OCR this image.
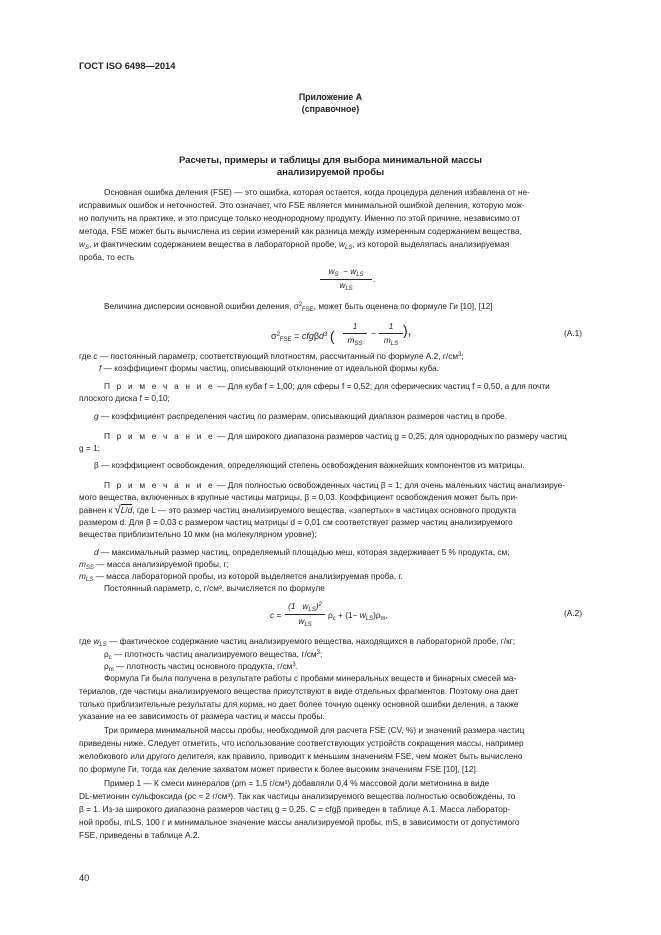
ГОСТ ISO 6498—2014
Приложение А
(справочное)
Расчеты, примеры и таблицы для выбора минимальной массы
анализируемой пробы
Основная ошибка деления (FSE) — это ошибка, которая остается, когда процедура деления избавлена от не-
исправимых ошибок и неточностей. Это означает, что FSE является минимальной ошибкой деления, которую мож-
но получить на практике, и это присуще только неоднородному продукту. Именно по этой причине, независимо от
метода, FSE может быть вычислена из серии измерений как разница между измеренным содержанием вещества,
$w_S$, и фактическим содержанием вещества в лабораторной пробе, $w_{LS}$, из которой выделялась анализируемая
проба, то есть
$w_S - w_{LS}$
$w_{LS}$
.
Величина дисперсии основной ошибки деления, $\sigma^2_{FSE}$, может быть оценена по формуле Ги [10], [12]
$\sigma^2_{FSE} = cfg\beta d^3$ (
1
$m_{SS}$
−
1
$m_{LS}$
),	(A.1)
где c — постоянный параметр, соответствующий плотностям, рассчитанный по формуле А.2, $г/см^3$;
f — коэффициент формы частиц, описывающий отклонение от идеальной формы куба.
П р и м е ч а н и е — Для куба f = 1,00; для сферы f = 0,52; для сферических частиц f = 0,50, а для почти
плоского диска f = 0,10;
g — коэффициент распределения частиц по размерам, описывающий диапазон размеров частиц в пробе.
П р и м е ч а н и е — Для широкого диапазона размеров частиц g = 0,25; для однородных по размеру частиц
g = 1;
β — коэффициент освобождения, определяющий степень освобождения важнейших компонентов из матрицы.
П р и м е ч а н и е — Для полностью освобожденных частиц β = 1; для очень маленьких частиц анализируе-
мого вещества, включенных в крупные частицы матрицы, β = 0,03. Коэффициент освобождения может быть при-
равнен к √L/d, где L — это размер частиц анализируемого вещества, «запертых» в частицах основного продукта
размером d. Для β = 0,03 с размером частиц матрицы d = 0,01 см соответствует размер частиц анализируемого
вещества приблизительно 10 мкм (на молекулярном уровне);
d — максимальный размер частиц, определяемый площадью меш, которая задерживает 5 % продукта, см;
$m_{SS}$ — масса анализируемой пробы, г;
$m_{LS}$ — масса лабораторной пробы, из которой выделяется анализируемая проба, г.
Постоянный параметр, c, г/см³, вычисляется по формуле
c =
(1   $w_{LS})^2$
$w_{LS}$
$\rho_c + (1- w_{LS})\rho_m$,	(A.2)
где $w_{LS}$ — фактическое содержание частиц анализируемого вещества, находящихся в лабораторной пробе, г/кг;
$\rho_c$ — плотность частиц анализируемого вещества, $г/см^3$;
$\rho_m$ — плотность частиц основного продукта, $г/см^3$.
Формула Ги была получена в результате работы с пробами минеральных веществ и бинарных смесей ма-
териалов, где частицы анализируемого вещества присутствуют в виде отдельных фрагментов. Поэтому она дает
только приблизительные результаты для корма, но дает более точную оценку основной ошибки деления, а также
указание на ее зависимость от размера частиц и массы пробы.
Три примера минимальной массы пробы, необходимой для расчета FSE (CV, %) и значений размера частиц
приведены ниже. Следует отметить, что использование соответствующих устройств сокращения массы, например
желобкового или другого делителя, как правило, приводит к меньшим значениям FSE, чем может быть вычислено
по формуле Ги, тогда как деление захватом может привести к более высоким значениям FSE [10], [12].
Пример 1 — К смеси минералов (ρm = 1.5 г/см³) добавляли 0,4 % массовой доли метионина в виде
DL-метионин сульфоксида (ρc ≈ 2 г/см³). Так как частицы анализируемого вещества полностью освобождены, то
β = 1. Из-за широкого диапазона размеров частиц g = 0,25. C = cfgβ приведен в таблице А.1. Масса лаборатор-
ной пробы, mLS, 100 г и минимальное значение массы анализируемой пробы, mS, в зависимости от допустимого
FSE, приведены в таблице А.2.
40
